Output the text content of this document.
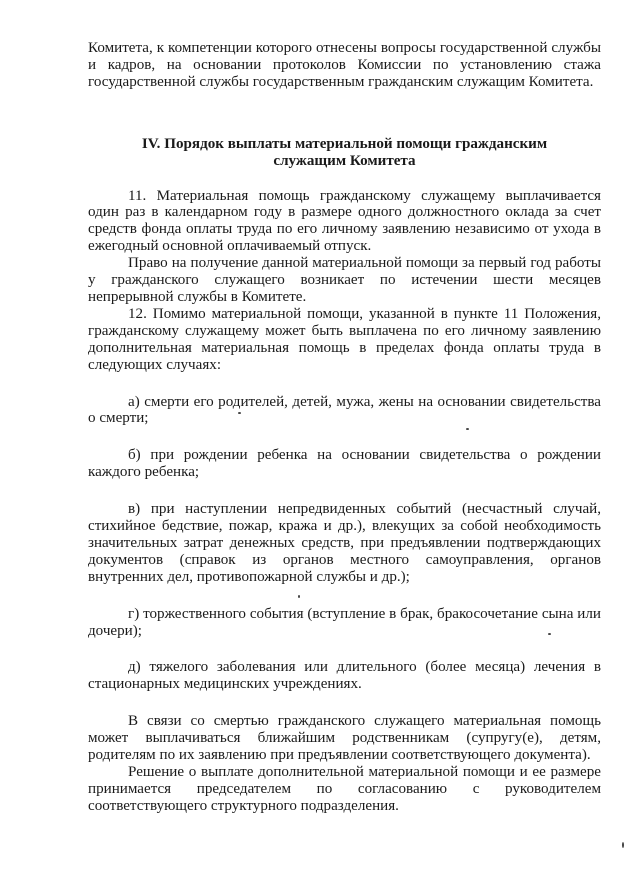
Комитета, к компетенции которого отнесены вопросы государственной службы и кадров, на основании протоколов Комиссии по установлению стажа государственной службы государственным гражданским служащим Комитета.

IV. Порядок выплаты материальной помощи гражданским
служащим Комитета

11. Материальная помощь гражданскому служащему выплачивается один раз в календарном году в размере одного должностного оклада за счет средств фонда оплаты труда по его личному заявлению независимо от ухода в ежегодный основной оплачиваемый отпуск.

Право на получение данной материальной помощи за первый год работы у гражданского служащего возникает по истечении шести месяцев непрерывной службы в Комитете.

12. Помимо материальной помощи, указанной в пункте 11 Положения, гражданскому служащему может быть выплачена по его личному заявлению дополнительная материальная помощь в пределах фонда оплаты труда в следующих случаях:

а) смерти его родителей, детей, мужа, жены на основании свидетельства о смерти;

б) при рождении ребенка на основании свидетельства о рождении каждого ребенка;

в) при наступлении непредвиденных событий (несчастный случай, стихийное бедствие, пожар, кража и др.), влекущих за собой необходимость значительных затрат денежных средств, при предъявлении подтверждающих документов (справок из органов местного самоуправления, органов внутренних дел, противопожарной службы и др.);

г) торжественного события (вступление в брак, бракосочетание сына или дочери);

д) тяжелого заболевания или длительного (более месяца) лечения в стационарных медицинских учреждениях.

В связи со смертью гражданского служащего материальная помощь может выплачиваться ближайшим родственникам (супругу(е), детям, родителям по их заявлению при предъявлении соответствующего документа).

Решение о выплате дополнительной материальной помощи и ее размере принимается председателем по согласованию с руководителем соответствующего структурного подразделения.
